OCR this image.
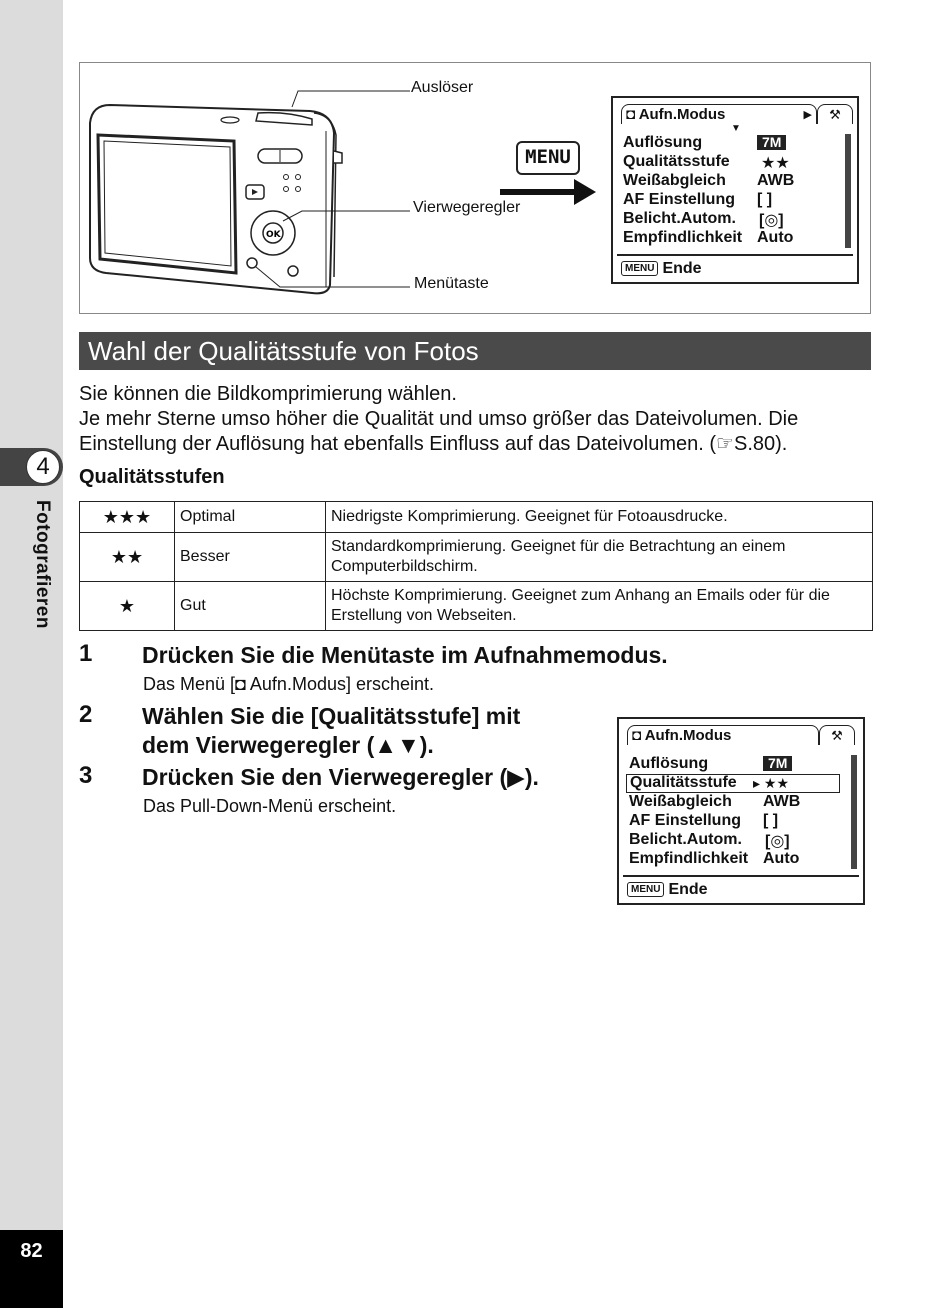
4
Fotografieren
82
OK
Auslöser
Vierwegeregler
Menütaste
MENU
◘ Aufn.Modus	▶	⚒
▼
Auflösung	7M
Qualitätsstufe ★★
Weißabgleich AWB
AF Einstellung [ ]
Belicht.Autom. [◎]
Empfindlichkeit Auto
MENU Ende
Wahl der Qualitätsstufe von Fotos
Sie können die Bildkomprimierung wählen.
Je mehr Sterne umso höher die Qualität und umso größer das Dateivolumen. Die
Einstellung der Auflösung hat ebenfalls Einfluss auf das Dateivolumen. (☞S.80).
Qualitätsstufen
★★★	Optimal	Niedrigste Komprimierung. Geeignet für Fotoausdrucke.
★★	Besser	Standardkomprimierung. Geeignet für die Betrachtung an einem Computerbildschirm.
★	Gut	Höchste Komprimierung. Geeignet zum Anhang an Emails oder für die Erstellung von Webseiten.
1 Drücken Sie die Menütaste im Aufnahmemodus.
Das Menü [◘ Aufn.Modus] erscheint.
2 Wählen Sie die [Qualitätsstufe] mit
dem Vierwegeregler (▲▼).
3 Drücken Sie den Vierwegeregler (▶).
Das Pull-Down-Menü erscheint.
◘ Aufn.Modus	⚒
Auflösung	7M
Qualitätsstufe ▸ ★★
Weißabgleich AWB
AF Einstellung [ ]
Belicht.Autom. [◎]
Empfindlichkeit Auto
MENU Ende
